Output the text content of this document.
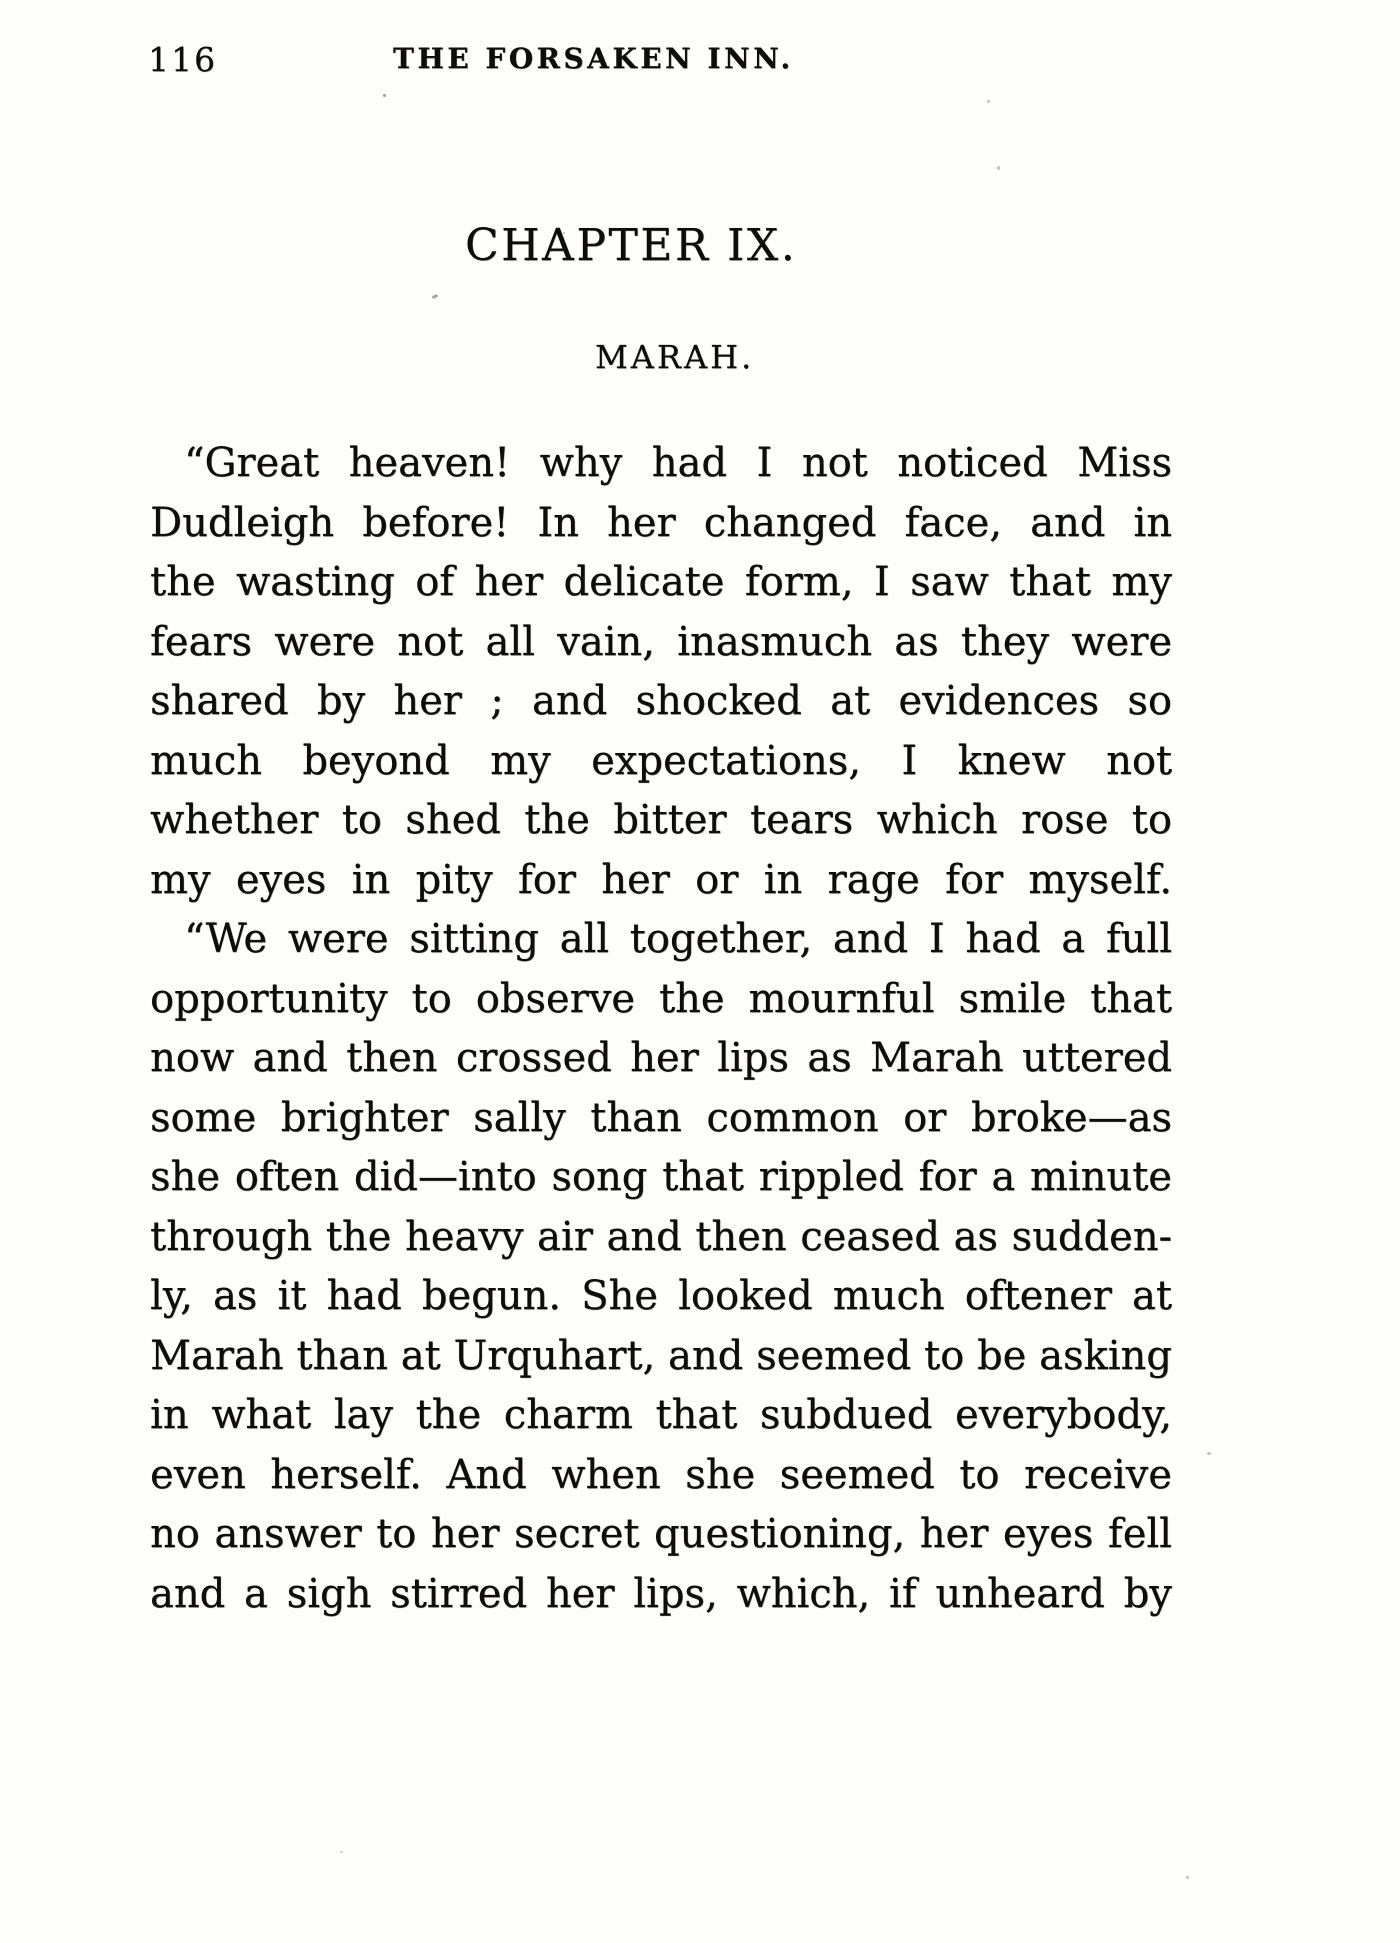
116	THE FORSAKEN INN.
CHAPTER IX.
MARAH.
“Great heaven! why had I not noticed Miss
Dudleigh before! In her changed face, and in
the wasting of her delicate form, I saw that my
fears were not all vain, inasmuch as they were
shared by her ; and shocked at evidences so
much beyond my expectations, I knew not
whether to shed the bitter tears which rose to
my eyes in pity for her or in rage for myself.
“We were sitting all together, and I had a full
opportunity to observe the mournful smile that
now and then crossed her lips as Marah uttered
some brighter sally than common or broke—as
she often did—into song that rippled for a minute
through the heavy air and then ceased as sudden-
ly, as it had begun. She looked much oftener at
Marah than at Urquhart, and seemed to be asking
in what lay the charm that subdued everybody,
even herself. And when she seemed to receive
no answer to her secret questioning, her eyes fell
and a sigh stirred her lips, which, if unheard by
